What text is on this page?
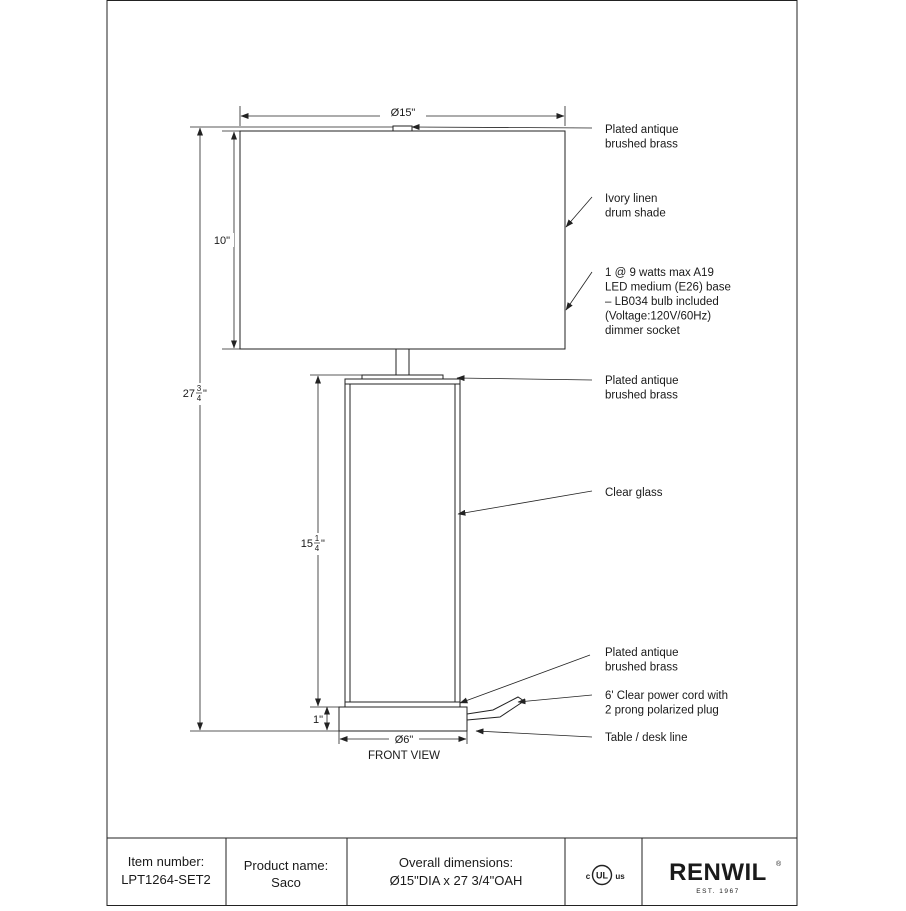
Item number:
LPT1264-SET2
Product name:
Saco
Overall dimensions:
Ø15"DIA x 27 3/4"OAH	UL
c	us RENWIL ®
EST. 1967
Ø15"
27 3
4 "
10"
15 1
4 "
1"
Ø6"
FRONT VIEW
Plated antique brushed brass
Ivory linen drum shade
1 @ 9 watts max A19 LED medium (E26) base – LB034 bulb included (Voltage:120V/60Hz) dimmer socket
Plated antique brushed brass
Clear glass
Plated antique brushed brass
6' Clear power cord with 2 prong polarized plug
Table / desk line
